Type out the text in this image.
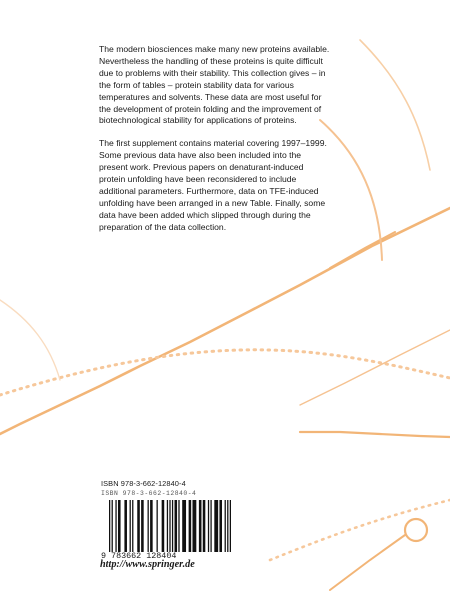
The modern biosciences make many new proteins available. Nevertheless the handling of these proteins is quite difficult due to problems with their stability. This collection gives – in the form of tables – protein stability data for various temperatures and solvents. These data are most useful for the development of protein folding and the improvement of biotechnological stability for applications of proteins.

The first supplement contains material covering 1997–1999. Some previous data have also been included into the present work. Previous papers on denaturant-induced protein unfolding have been reconsidered to include additional parameters. Furthermore, data on TFE-induced unfolding have been arranged in a new Table. Finally, some data have been added which slipped through during the preparation of the data collection.

ISBN 978-3-662-12840-4
ISBN 978-3-662-12840-4
9 783662 128404
http://www.springer.de
